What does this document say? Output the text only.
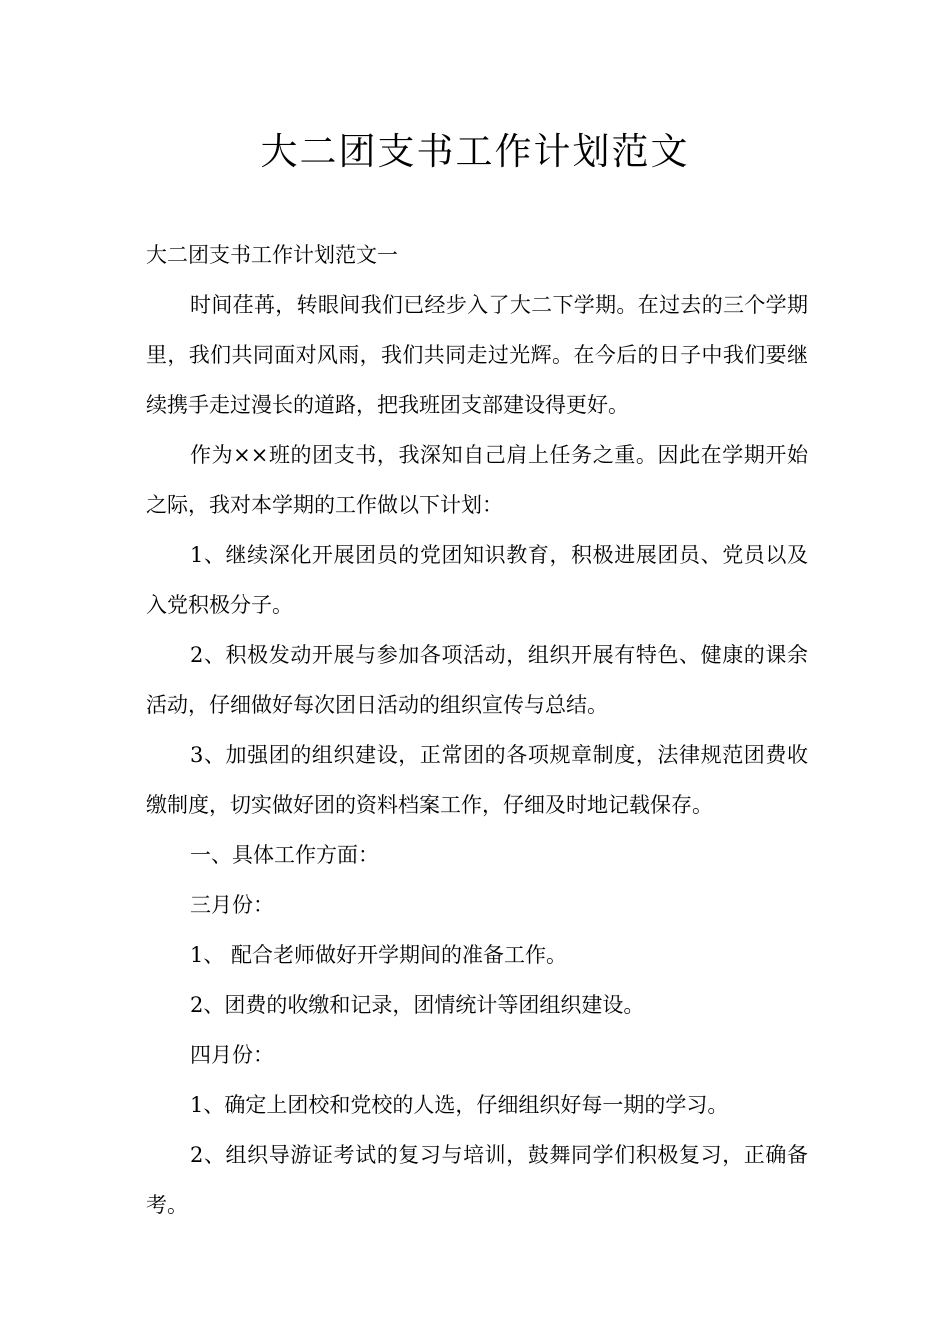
大二团支书工作计划范文

大二团支书工作计划范文一

时间荏苒，转眼间我们已经步入了大二下学期。在过去的三个学期里，我们共同面对风雨，我们共同走过光辉。在今后的日子中我们要继续携手走过漫长的道路，把我班团支部建设得更好。

作为××班的团支书，我深知自己肩上任务之重。因此在学期开始之际，我对本学期的工作做以下计划：

1、继续深化开展团员的党团知识教育，积极进展团员、党员以及入党积极分子。

2、积极发动开展与参加各项活动，组织开展有特色、健康的课余活动，仔细做好每次团日活动的组织宣传与总结。

3、加强团的组织建设，正常团的各项规章制度，法律规范团费收缴制度，切实做好团的资料档案工作，仔细及时地记载保存。

一、具体工作方面：

三月份：

1、 配合老师做好开学期间的准备工作。

2、团费的收缴和记录，团情统计等团组织建设。

四月份：

1、确定上团校和党校的人选，仔细组织好每一期的学习。

2、组织导游证考试的复习与培训，鼓舞同学们积极复习，正确备考。
